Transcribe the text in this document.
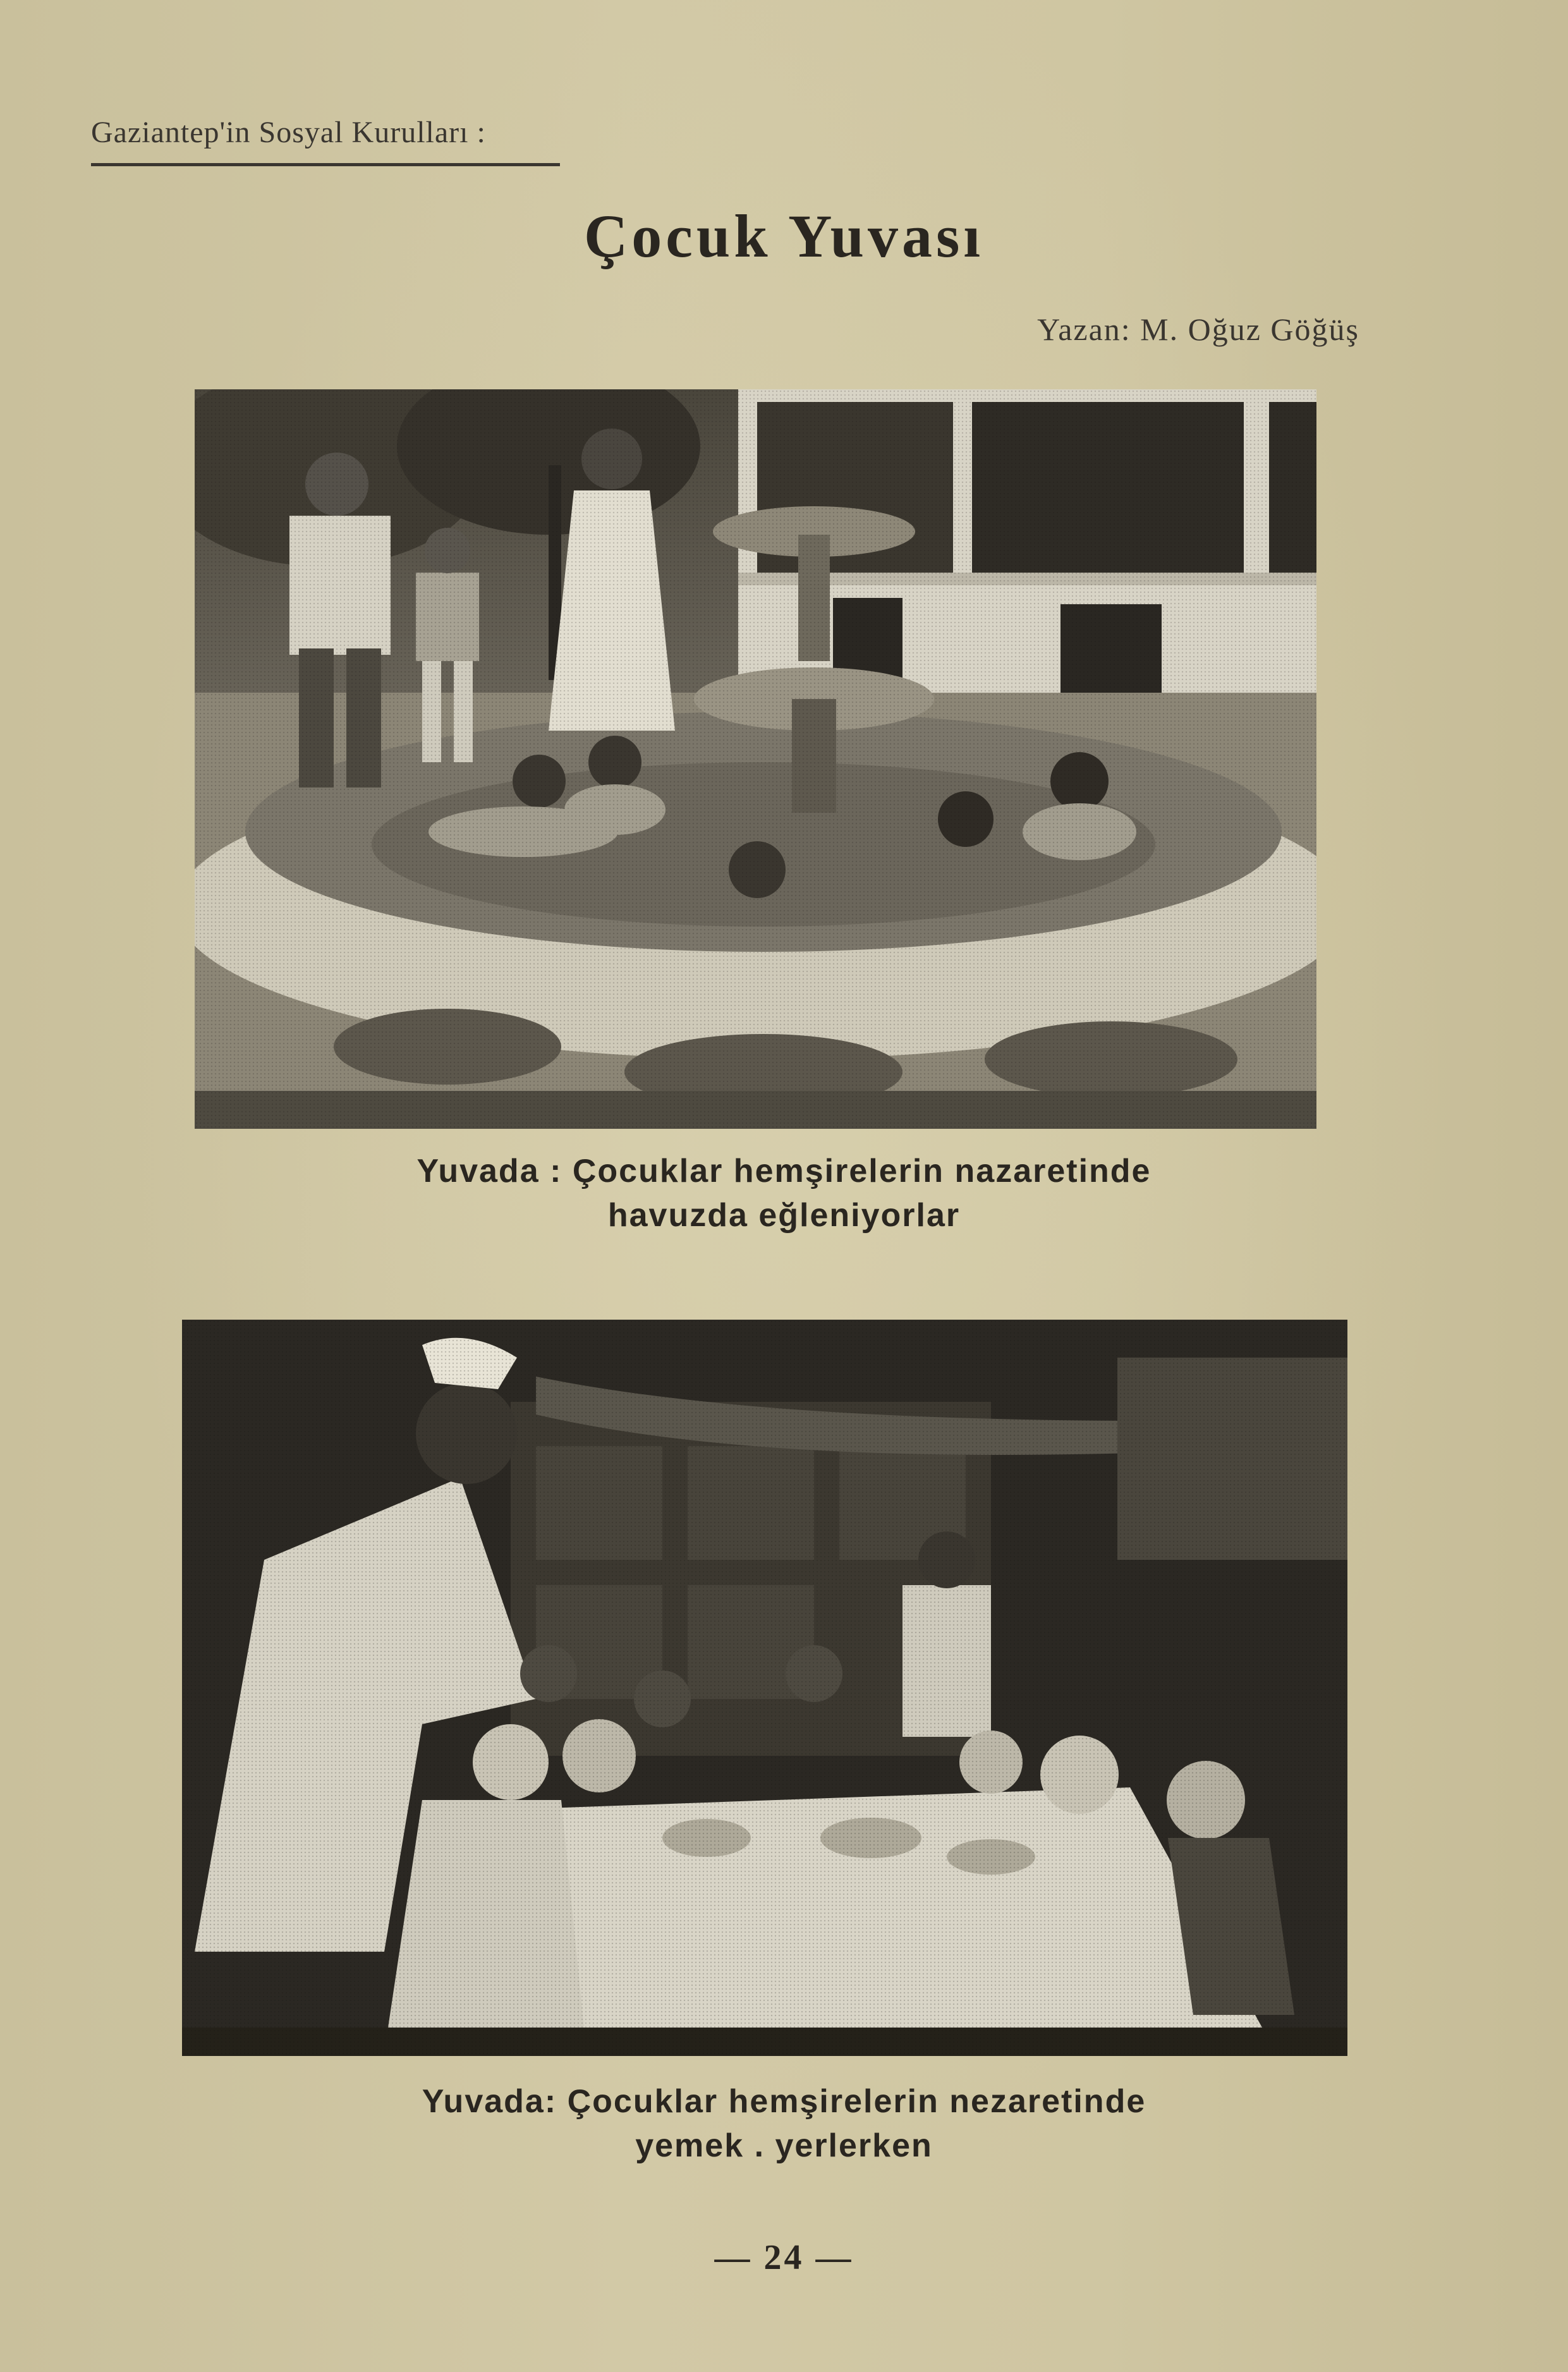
Gaziantep'in Sosyal Kurulları :
Çocuk Yuvası
Yazan: M. Oğuz Göğüş
Yuvada : Çocuklar hemşirelerin nazaretinde
havuzda eğleniyorlar
Yuvada: Çocuklar hemşirelerin nezaretinde
yemek . yerlerken
— 24 —
